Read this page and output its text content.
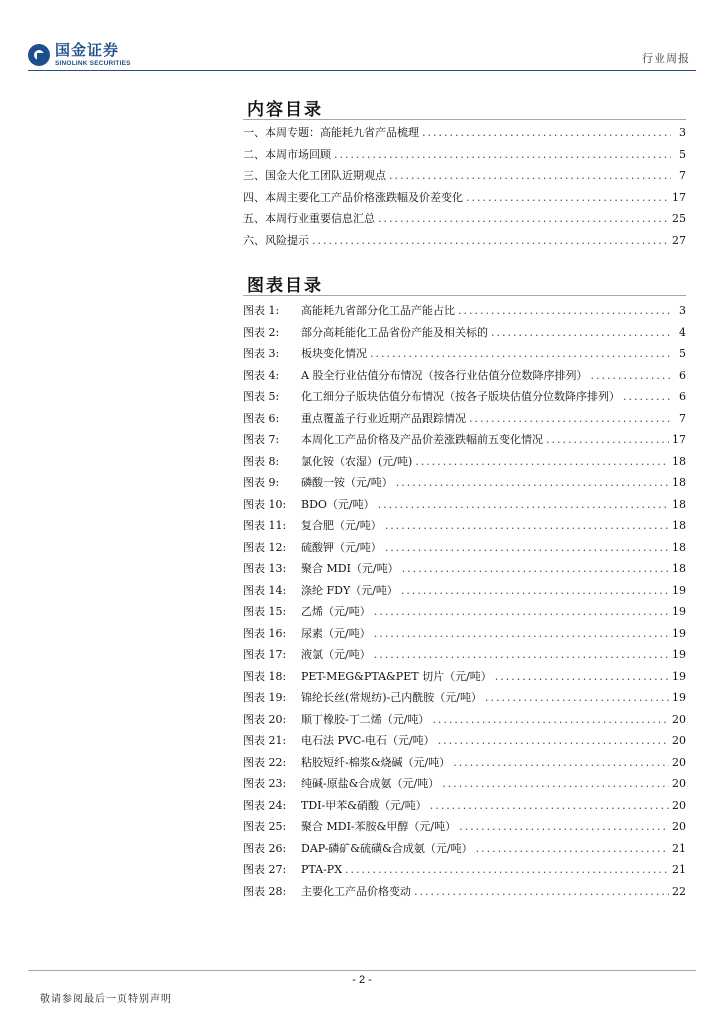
国金证券
SINOLINK SECURITIES	行业周报
内容目录
一、本周专题：高能耗九省产品梳理 .....	3
二、本周市场回顾 .....	5
三、国金大化工团队近期观点 .....	7
四、本周主要化工产品价格涨跌幅及价差变化 .....	17
五、本周行业重要信息汇总 .....	25
六、风险提示 .....	27
图表目录
图表 1: 高能耗九省部分化工品产能占比 .....	3
图表 2: 部分高耗能化工品省份产能及相关标的 .....	4
图表 3: 板块变化情况 .....	5
图表 4: A 股全行业估值分布情况（按各行业估值分位数降序排列） .....	6
图表 5: 化工细分子版块估值分布情况（按各子版块估值分位数降序排列） .....	6
图表 6: 重点覆盖子行业近期产品跟踪情况 .....	7
图表 7: 本周化工产品价格及产品价差涨跌幅前五变化情况 .....	17
图表 8: 氯化铵（农湿）(元/吨) .....	18
图表 9: 磷酸一铵（元/吨） .....	18
图表 10: BDO（元/吨） .....	18
图表 11: 复合肥（元/吨） .....	18
图表 12: 硫酸钾（元/吨） .....	18
图表 13: 聚合 MDI（元/吨） .....	18
图表 14: 涤纶 FDY（元/吨） .....	19
图表 15: 乙烯（元/吨） .....	19
图表 16: 尿素（元/吨） .....	19
图表 17: 液氯（元/吨） .....	19
图表 18: PET-MEG&PTA&PET 切片（元/吨） .....	19
图表 19: 锦纶长丝(常规纺)-己内酰胺（元/吨） .....	19
图表 20: 顺丁橡胶-丁二烯（元/吨） .....	20
图表 21: 电石法 PVC-电石（元/吨） .....	20
图表 22: 粘胶短纤-棉浆&烧碱（元/吨） .....	20
图表 23: 纯碱-原盐&合成氨（元/吨） .....	20
图表 24: TDI-甲苯&硝酸（元/吨） .....	20
图表 25: 聚合 MDI-苯胺&甲醇（元/吨） .....	20
图表 26: DAP-磷矿&硫磺&合成氨（元/吨） .....	21
图表 27: PTA-PX .....	21
图表 28: 主要化工产品价格变动 .....	22
- 2 -
敬请参阅最后一页特别声明
